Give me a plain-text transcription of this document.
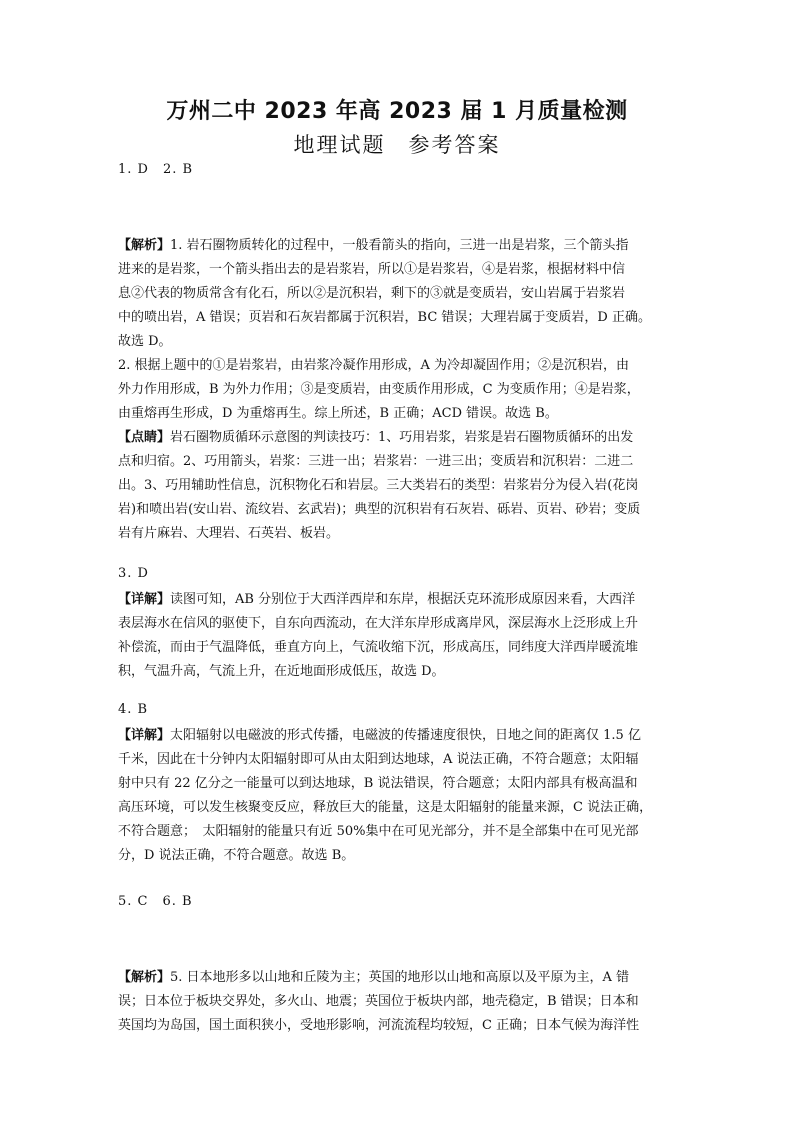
万州二中 2023 年高 2023 届 1 月质量检测
地理试题　参考答案
1. D　2. B
【解析】1. 岩石圈物质转化的过程中，一般看箭头的指向，三进一出是岩浆，三个箭头指
进来的是岩浆，一个箭头指出去的是岩浆岩，所以①是岩浆岩，④是岩浆，根据材料中信
息②代表的物质常含有化石，所以②是沉积岩，剩下的③就是变质岩，安山岩属于岩浆岩
中的喷出岩，A 错误；页岩和石灰岩都属于沉积岩，BC 错误；大理岩属于变质岩，D 正确。
故选 D。
2. 根据上题中的①是岩浆岩，由岩浆冷凝作用形成，A 为冷却凝固作用；②是沉积岩，由
外力作用形成，B 为外力作用；③是变质岩，由变质作用形成，C 为变质作用；④是岩浆，
由重熔再生形成，D 为重熔再生。综上所述，B 正确；ACD 错误。故选 B。
【点睛】岩石圈物质循环示意图的判读技巧：1、巧用岩浆，岩浆是岩石圈物质循环的出发
点和归宿。2、巧用箭头，岩浆：三进一出；岩浆岩：一进三出；变质岩和沉积岩：二进二
出。3、巧用辅助性信息，沉积物化石和岩层。三大类岩石的类型：岩浆岩分为侵入岩(花岗
岩)和喷出岩(安山岩、流纹岩、玄武岩)；典型的沉积岩有石灰岩、砾岩、页岩、砂岩；变质
岩有片麻岩、大理岩、石英岩、板岩。
3. D
【详解】读图可知，AB 分别位于大西洋西岸和东岸，根据沃克环流形成原因来看，大西洋
表层海水在信风的驱使下，自东向西流动，在大洋东岸形成离岸风，深层海水上泛形成上升
补偿流，而由于气温降低，垂直方向上，气流收缩下沉，形成高压，同纬度大洋西岸暖流堆
积，气温升高，气流上升，在近地面形成低压，故选 D。
4. B
【详解】太阳辐射以电磁波的形式传播，电磁波的传播速度很快，日地之间的距离仅 1.5 亿
千米，因此在十分钟内太阳辐射即可从由太阳到达地球，A 说法正确，不符合题意；太阳辐
射中只有 22 亿分之一能量可以到达地球，B 说法错误，符合题意；太阳内部具有极高温和
高压环境，可以发生核聚变反应，释放巨大的能量，这是太阳辐射的能量来源，C 说法正确，
不符合题意；　太阳辐射的能量只有近 50%集中在可见光部分，并不是全部集中在可见光部
分，D 说法正确，不符合题意。故选 B。
5. C　6. B
【解析】5. 日本地形多以山地和丘陵为主；英国的地形以山地和高原以及平原为主，A 错
误；日本位于板块交界处，多火山、地震；英国位于板块内部，地壳稳定，B 错误；日本和
英国均为岛国，国土面积狭小，受地形影响，河流流程均较短，C 正确；日本气候为海洋性
